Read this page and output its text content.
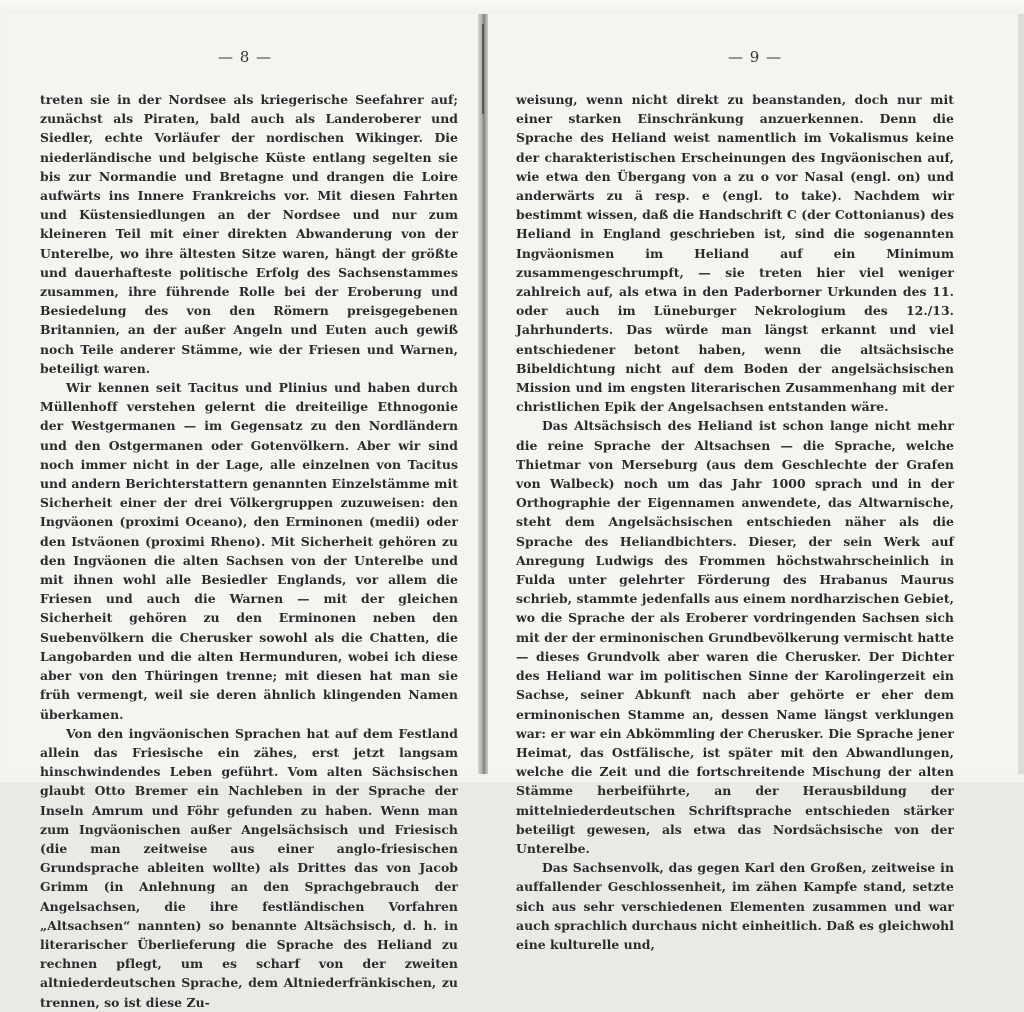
— 8 —

treten sie in der Nordsee als kriegerische Seefahrer auf; zunächst als Piraten, bald auch als Landeroberer und Siedler, echte Vorläufer der nordischen Wikinger. Die niederländische und belgische Küste entlang segelten sie bis zur Normandie und Bretagne und drangen die Loire aufwärts ins Innere Frankreichs vor. Mit diesen Fahrten und Küstensiedlungen an der Nordsee und nur zum kleineren Teil mit einer direkten Abwanderung von der Unterelbe, wo ihre ältesten Sitze waren, hängt der größte und dauerhafteste politische Erfolg des Sachsenstammes zusammen, ihre führende Rolle bei der Eroberung und Besiedelung des von den Römern preisgegebenen Britannien, an der außer Angeln und Euten auch gewiß noch Teile anderer Stämme, wie der Friesen und Warnen, beteiligt waren.

Wir kennen seit Tacitus und Plinius und haben durch Müllenhoff verstehen gelernt die dreiteilige Ethnogonie der Westgermanen — im Gegensatz zu den Nordländern und den Ostgermanen oder Gotenvölkern. Aber wir sind noch immer nicht in der Lage, alle einzelnen von Tacitus und andern Berichterstattern genannten Einzelstämme mit Sicherheit einer der drei Völkergruppen zuzuweisen: den Ingväonen (proximi Oceano), den Erminonen (medii) oder den Istväonen (proximi Rheno). Mit Sicherheit gehören zu den Ingväonen die alten Sachsen von der Unterelbe und mit ihnen wohl alle Besiedler Englands, vor allem die Friesen und auch die Warnen — mit der gleichen Sicherheit gehören zu den Erminonen neben den Suebenvölkern die Cherusker sowohl als die Chatten, die Langobarden und die alten Hermunduren, wobei ich diese aber von den Thüringen trenne; mit diesen hat man sie früh vermengt, weil sie deren ähnlich klingenden Namen überkamen.

Von den ingväonischen Sprachen hat auf dem Festland allein das Friesische ein zähes, erst jetzt langsam hinschwindendes Leben geführt. Vom alten Sächsischen glaubt Otto Bremer ein Nachleben in der Sprache der Inseln Amrum und Föhr gefunden zu haben. Wenn man zum Ingväonischen außer Angelsächsisch und Friesisch (die man zeitweise aus einer anglo-friesischen Grundsprache ableiten wollte) als Drittes das von Jacob Grimm (in Anlehnung an den Sprachgebrauch der Angelsachsen, die ihre festländischen Vorfahren „Altsachsen“ nannten) so benannte Altsächsisch, d. h. in literarischer Überlieferung die Sprache des Heliand zu rechnen pflegt, um es scharf von der zweiten altniederdeutschen Sprache, dem Altniederfränkischen, zu trennen, so ist diese Zu-

— 9 —

weisung, wenn nicht direkt zu beanstanden, doch nur mit einer starken Einschränkung anzuerkennen. Denn die Sprache des Heliand weist namentlich im Vokalismus keine der charakteristischen Erscheinungen des Ingväonischen auf, wie etwa den Übergang von a zu o vor Nasal (engl. on) und anderwärts zu ä resp. e (engl. to take). Nachdem wir bestimmt wissen, daß die Handschrift C (der Cottonianus) des Heliand in England geschrieben ist, sind die sogenannten Ingväonismen im Heliand auf ein Minimum zusammengeschrumpft, — sie treten hier viel weniger zahlreich auf, als etwa in den Paderborner Urkunden des 11. oder auch im Lüneburger Nekrologium des 12./13. Jahrhunderts. Das würde man längst erkannt und viel entschiedener betont haben, wenn die altsächsische Bibeldichtung nicht auf dem Boden der angelsächsischen Mission und im engsten literarischen Zusammenhang mit der christlichen Epik der Angelsachsen entstanden wäre.

Das Altsächsisch des Heliand ist schon lange nicht mehr die reine Sprache der Altsachsen — die Sprache, welche Thietmar von Merseburg (aus dem Geschlechte der Grafen von Walbeck) noch um das Jahr 1000 sprach und in der Orthographie der Eigennamen anwendete, das Altwarnische, steht dem Angelsächsischen entschieden näher als die Sprache des Heliandbichters. Dieser, der sein Werk auf Anregung Ludwigs des Frommen höchstwahrscheinlich in Fulda unter gelehrter Förderung des Hrabanus Maurus schrieb, stammte jedenfalls aus einem nordharzischen Gebiet, wo die Sprache der als Eroberer vordringenden Sachsen sich mit der der erminonischen Grundbevölkerung vermischt hatte — dieses Grundvolk aber waren die Cherusker. Der Dichter des Heliand war im politischen Sinne der Karolingerzeit ein Sachse, seiner Abkunft nach aber gehörte er eher dem erminonischen Stamme an, dessen Name längst verklungen war: er war ein Abkömmling der Cherusker. Die Sprache jener Heimat, das Ostfälische, ist später mit den Abwandlungen, welche die Zeit und die fortschreitende Mischung der alten Stämme herbeiführte, an der Herausbildung der mittelniederdeutschen Schriftsprache entschieden stärker beteiligt gewesen, als etwa das Nordsächsische von der Unterelbe.

Das Sachsenvolk, das gegen Karl den Großen, zeitweise in auffallender Geschlossenheit, im zähen Kampfe stand, setzte sich aus sehr verschiedenen Elementen zusammen und war auch sprachlich durchaus nicht einheitlich. Daß es gleichwohl eine kulturelle und,
